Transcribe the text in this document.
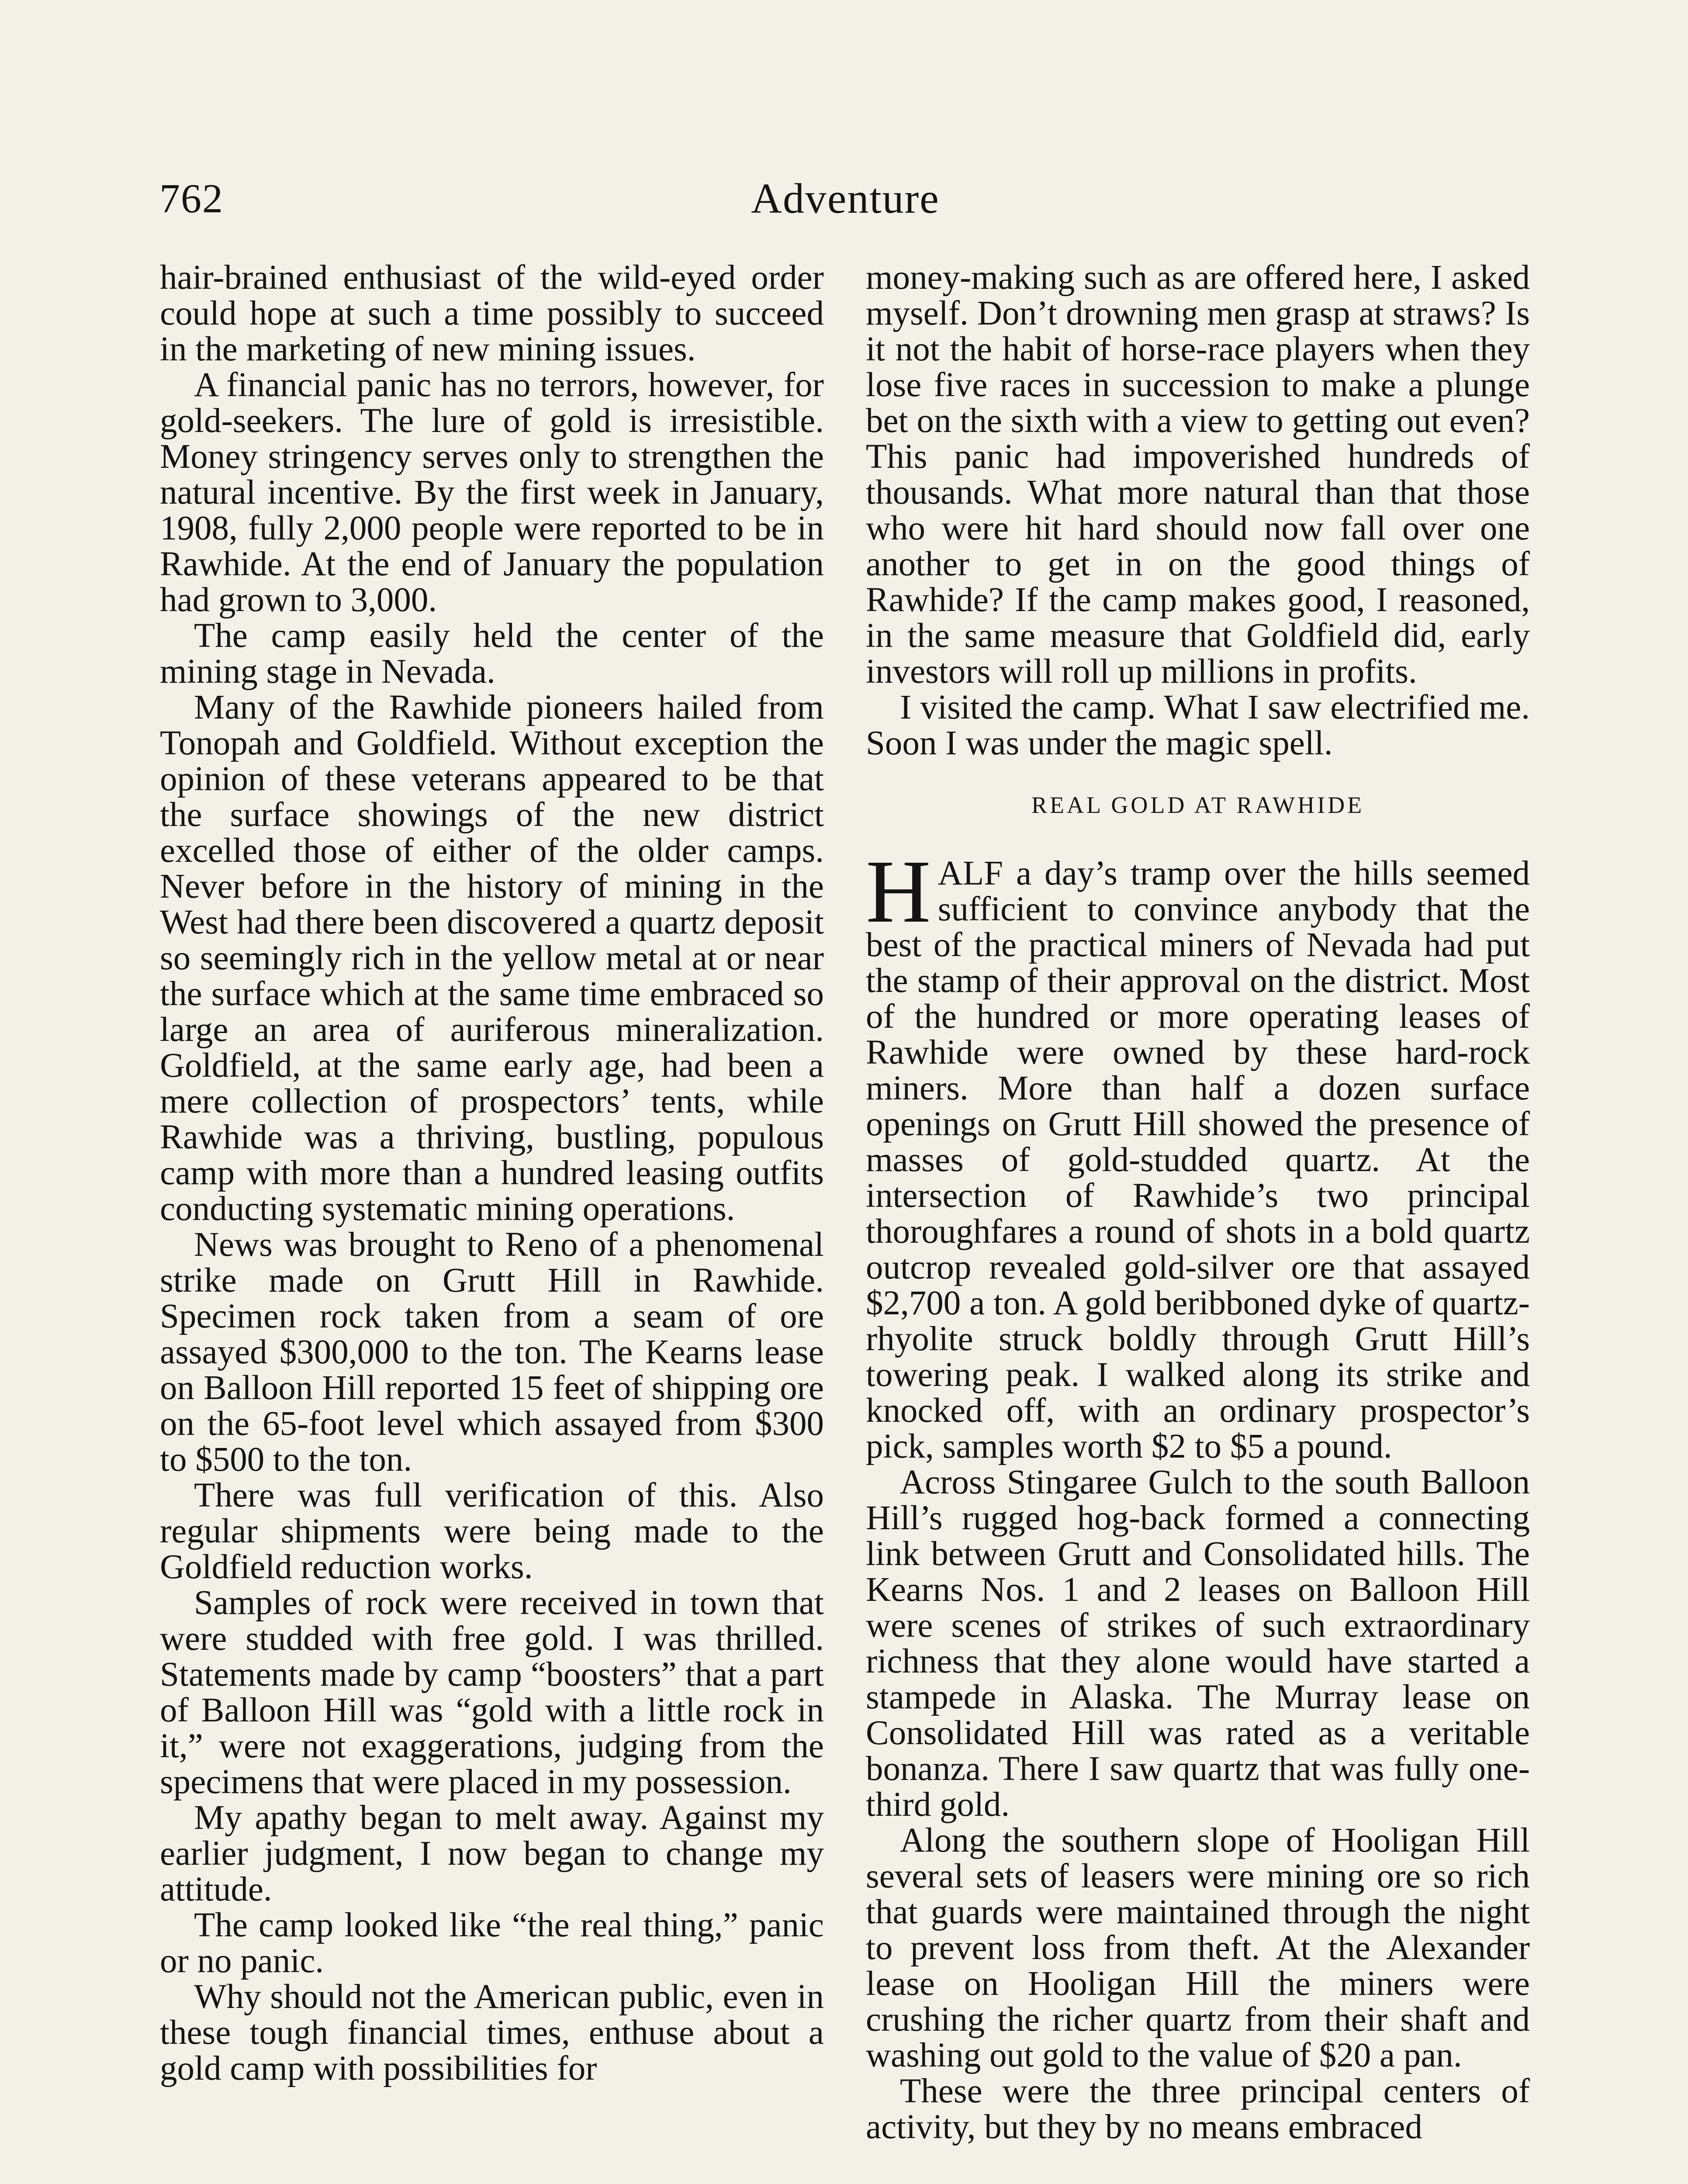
762	Adventure

hair-brained enthusiast of the wild-eyed order could hope at such a time possibly to succeed in the marketing of new mining issues.

A financial panic has no terrors, however, for gold-seekers. The lure of gold is irresistible. Money stringency serves only to strengthen the natural incentive. By the first week in January, 1908, fully 2,000 people were reported to be in Rawhide. At the end of January the population had grown to 3,000.

The camp easily held the center of the mining stage in Nevada.

Many of the Rawhide pioneers hailed from Tonopah and Goldfield. Without exception the opinion of these veterans appeared to be that the surface showings of the new district excelled those of either of the older camps. Never before in the history of mining in the West had there been discovered a quartz deposit so seemingly rich in the yellow metal at or near the surface which at the same time embraced so large an area of auriferous mineralization. Goldfield, at the same early age, had been a mere collection of prospectors’ tents, while Rawhide was a thriving, bustling, populous camp with more than a hundred leasing outfits conducting systematic mining operations.

News was brought to Reno of a phenomenal strike made on Grutt Hill in Rawhide. Specimen rock taken from a seam of ore assayed $300,000 to the ton. The Kearns lease on Balloon Hill reported 15 feet of shipping ore on the 65-foot level which assayed from $300 to $500 to the ton.

There was full verification of this. Also regular shipments were being made to the Goldfield reduction works.

Samples of rock were received in town that were studded with free gold. I was thrilled. Statements made by camp “boosters” that a part of Balloon Hill was “gold with a little rock in it,” were not exaggerations, judging from the specimens that were placed in my possession.

My apathy began to melt away. Against my earlier judgment, I now began to change my attitude.

The camp looked like “the real thing,” panic or no panic.

Why should not the American public, even in these tough financial times, enthuse about a gold camp with possibilities for

money-making such as are offered here, I asked myself. Don’t drowning men grasp at straws? Is it not the habit of horse-race players when they lose five races in succession to make a plunge bet on the sixth with a view to getting out even? This panic had impoverished hundreds of thousands. What more natural than that those who were hit hard should now fall over one another to get in on the good things of Rawhide? If the camp makes good, I reasoned, in the same measure that Goldfield did, early investors will roll up millions in profits.

I visited the camp. What I saw electrified me. Soon I was under the magic spell.

REAL GOLD AT RAWHIDE

HALF a day’s tramp over the hills seemed sufficient to convince anybody that the best of the practical miners of Nevada had put the stamp of their approval on the district. Most of the hundred or more operating leases of Rawhide were owned by these hard-rock miners. More than half a dozen surface openings on Grutt Hill showed the presence of masses of gold-studded quartz. At the intersection of Rawhide’s two principal thoroughfares a round of shots in a bold quartz outcrop revealed gold-silver ore that assayed $2,700 a ton. A gold beribboned dyke of quartz-rhyolite struck boldly through Grutt Hill’s towering peak. I walked along its strike and knocked off, with an ordinary prospector’s pick, samples worth $2 to $5 a pound.

Across Stingaree Gulch to the south Balloon Hill’s rugged hog-back formed a connecting link between Grutt and Consolidated hills. The Kearns Nos. 1 and 2 leases on Balloon Hill were scenes of strikes of such extraordinary richness that they alone would have started a stampede in Alaska. The Murray lease on Consolidated Hill was rated as a veritable bonanza. There I saw quartz that was fully one-third gold.

Along the southern slope of Hooligan Hill several sets of leasers were mining ore so rich that guards were maintained through the night to prevent loss from theft. At the Alexander lease on Hooligan Hill the miners were crushing the richer quartz from their shaft and washing out gold to the value of $20 a pan.

These were the three principal centers of activity, but they by no means embraced
